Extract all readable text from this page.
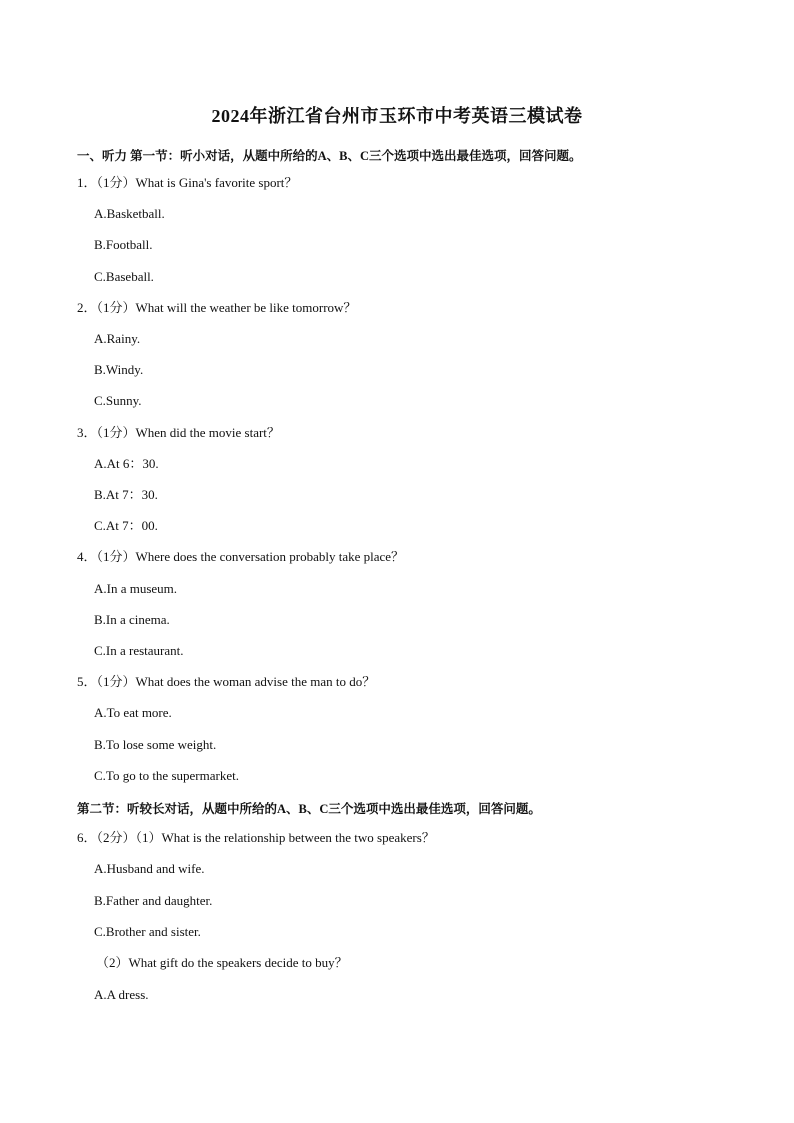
2024年浙江省台州市玉环市中考英语三模试卷
一、听力 第一节：听小对话，从题中所给的A、B、C三个选项中选出最佳选项，回答问题。
1．（1分）What is Gina's favorite sport？
A.Basketball.
B.Football.
C.Baseball.
2．（1分）What will the weather be like tomorrow？
A.Rainy.
B.Windy.
C.Sunny.
3．（1分）When did the movie start？
A.At 6：30.
B.At 7：30.
C.At 7：00.
4．（1分）Where does the conversation probably take place？
A.In a museum.
B.In a cinema.
C.In a restaurant.
5．（1分）What does the woman advise the man to do？
A.To eat more.
B.To lose some weight.
C.To go to the supermarket.
第二节：听较长对话，从题中所给的A、B、C三个选项中选出最佳选项，回答问题。
6．（2分）（1）What is the relationship between the two speakers？
A.Husband and wife.
B.Father and daughter.
C.Brother and sister.
（2）What gift do the speakers decide to buy？
A.A dress.
